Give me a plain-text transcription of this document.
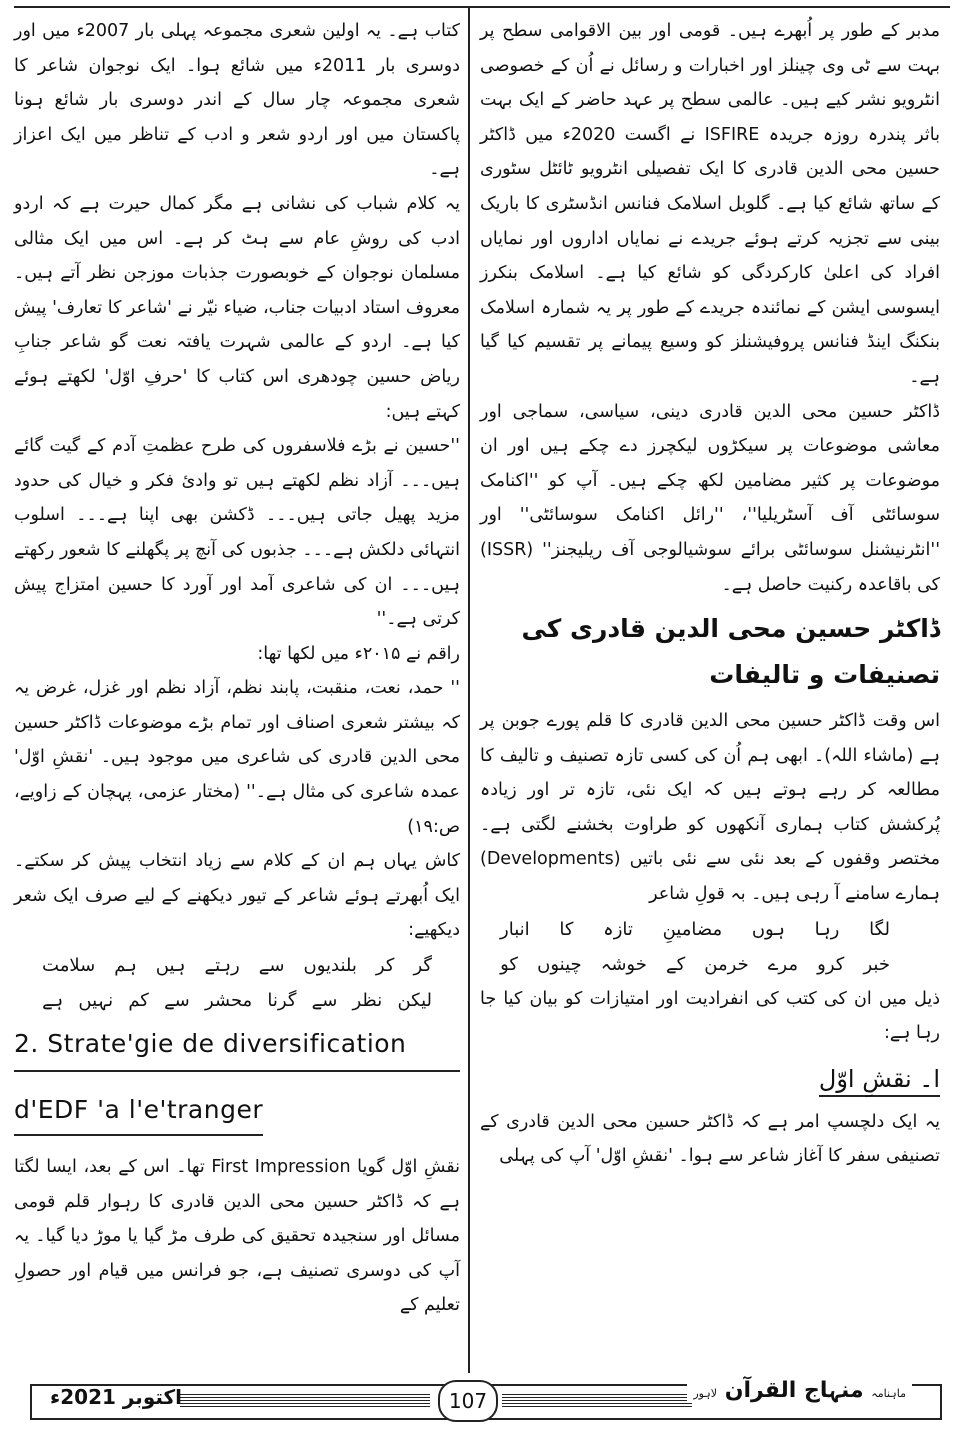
مدبر کے طور پر اُبھرے ہیں۔ قومی اور بین الاقوامی سطح پر بہت سے ٹی وی چینلز اور اخبارات و رسائل نے اُن کے خصوصی انٹرویو نشر کیے ہیں۔ عالمی سطح پر عہد حاضر کے ایک بہت باثر پندرہ روزہ جریدہ ISFIRE نے اگست 2020ء میں ڈاکٹر حسین محی الدین قادری کا ایک تفصیلی انٹرویو ٹائٹل سٹوری کے ساتھ شائع کیا ہے۔ گلوبل اسلامک فنانس انڈسٹری کا باریک بینی سے تجزیہ کرتے ہوئے جریدے نے نمایاں اداروں اور نمایاں افراد کی اعلیٰ کارکردگی کو شائع کیا ہے۔ اسلامک بنکرز ایسوسی ایشن کے نمائندہ جریدے کے طور پر یہ شمارہ اسلامک بنکنگ اینڈ فنانس پروفیشنلز کو وسیع پیمانے پر تقسیم کیا گیا ہے۔

ڈاکٹر حسین محی الدین قادری دینی، سیاسی، سماجی اور معاشی موضوعات پر سیکڑوں لیکچرز دے چکے ہیں اور ان موضوعات پر کثیر مضامین لکھ چکے ہیں۔ آپ کو ''اکنامک سوسائٹی آف آسٹریلیا''، ''رائل اکنامک سوسائٹی'' اور ''انٹرنیشنل سوسائٹی برائے سوشیالوجی آف ریلیجنز'' (ISSR) کی باقاعدہ رکنیت حاصل ہے۔

ڈاکٹر حسین محی الدین قادری کی تصنیفات و تالیفات

اس وقت ڈاکٹر حسین محی الدین قادری کا قلم پورے جوبن پر ہے (ماشاء اللہ)۔ ابھی ہم اُن کی کسی تازہ تصنیف و تالیف کا مطالعہ کر رہے ہوتے ہیں کہ ایک نئی، تازہ تر اور زیادہ پُرکشش کتاب ہماری آنکھوں کو طراوت بخشنے لگتی ہے۔ مختصر وقفوں کے بعد نئی سے نئی باتیں (Developments) ہمارے سامنے آ رہی ہیں۔ بہ قولِ شاعر

لگا
رہا
ہوں
مضامینِ
تازہ
کا
انبار
خبر
کرو
مرے
خرمن
کے
خوشہ
چینوں
کو

ذیل میں ان کی کتب کی انفرادیت اور امتیازات کو بیان کیا جا رہا ہے:

ا۔ نقشِ اوّل

یہ ایک دلچسپ امر ہے کہ ڈاکٹر حسین محی الدین قادری کے تصنیفی سفر کا آغاز شاعر سے ہوا۔ 'نقشِ اوّل' آپ کی پہلی

کتاب ہے۔ یہ اولین شعری مجموعہ پہلی بار 2007ء میں اور دوسری بار 2011ء میں شائع ہوا۔ ایک نوجوان شاعر کا شعری مجموعہ چار سال کے اندر دوسری بار شائع ہونا پاکستان میں اور اردو شعر و ادب کے تناظر میں ایک اعزاز ہے۔

یہ کلام شباب کی نشانی ہے مگر کمال حیرت ہے کہ اردو ادب کی روشِ عام سے ہٹ کر ہے۔ اس میں ایک مثالی مسلمان نوجوان کے خوبصورت جذبات موزجن نظر آتے ہیں۔ معروف استاد ادبیات جناب، ضیاء نیّر نے 'شاعر کا تعارف' پیش کیا ہے۔ اردو کے عالمی شہرت یافتہ نعت گو شاعر جنابِ ریاض حسین چودھری اس کتاب کا 'حرفِ اوّل' لکھتے ہوئے کہتے ہیں:

''حسین نے بڑے فلاسفروں کی طرح عظمتِ آدم کے گیت گائے ہیں۔۔۔ آزاد نظم لکھتے ہیں تو وادیٔ فکر و خیال کی حدود مزید پھیل جاتی ہیں۔۔۔ ڈکشن بھی اپنا ہے۔۔۔ اسلوب انتہائی دلکش ہے۔۔۔ جذبوں کی آنچ پر پگھلنے کا شعور رکھتے ہیں۔۔۔ ان کی شاعری آمد اور آورد کا حسین امتزاج پیش کرتی ہے۔''

راقم نے ۲۰۱۵ء میں لکھا تھا:

'' حمد، نعت، منقبت، پابند نظم، آزاد نظم اور غزل، غرض یہ کہ بیشتر شعری اصناف اور تمام بڑے موضوعات ڈاکٹر حسین محی الدین قادری کی شاعری میں موجود ہیں۔ 'نقشِ اوّل' عمدہ شاعری کی مثال ہے۔'' (مختار عزمی، پہچان کے زاویے، ص:۱۹)

کاش یہاں ہم ان کے کلام سے زیاد انتخاب پیش کر سکتے۔ ایک اُبھرتے ہوئے شاعر کے تیور دیکھنے کے لیے صرف ایک شعر دیکھیے:

گر
کر
بلندیوں
سے
رہتے
ہیں
ہم
سلامت
لیکن
نظر
سے
گرنا
محشر
سے
کم
نہیں
ہے
2. Strate'gie de diversification
d'EDF 'a l'e'tranger

نقشِ اوّل گویا First Impression تھا۔ اس کے بعد، ایسا لگتا ہے کہ ڈاکٹر حسین محی الدین قادری کا رہوار قلم قومی مسائل اور سنجیدہ تحقیق کی طرف مڑ گیا یا موڑ دیا گیا۔ یہ آپ کی دوسری تصنیف ہے، جو فرانس میں قیام اور حصولِ تعلیم کے

اکتوبر 2021ء	107	ماہنامہ منہاج القرآن لاہور
